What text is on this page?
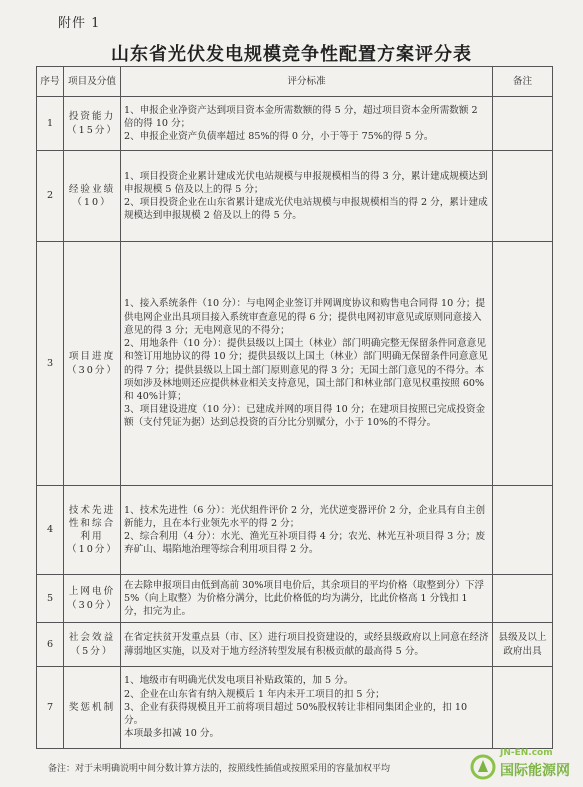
附件 1
山东省光伏发电规模竞争性配置方案评分表
序号	项目及分值	评分标准	备注
1	投资能力（15分）	1、申报企业净资产达到项目资本金所需数额的得 5 分，超过项目资本金所需数额 2 倍的得 10 分；
2、申报企业资产负债率超过 85%的得 0 分，小于等于 75%的得 5 分。	

2	经验业绩（10）	1、项目投资企业累计建成光伏电站规模与申报规模相当的得 3 分，累计建成规模达到申报规模 5 倍及以上的得 5 分；
2、项目投资企业在山东省累计建成光伏电站规模与申报规模相当的得 2 分，累计建成规模达到申报规模 2 倍及以上的得 5 分。	

3	项目进度（30分）	1、接入系统条件（10 分）：与电网企业签订并网调度协议和购售电合同得 10 分；提供电网企业出具项目接入系统审查意见的得 6 分；提供电网初审意见或原则同意接入意见的得 3 分；无电网意见的不得分；
2、用地条件（10 分）：提供县级以上国土（林业）部门明确完整无保留条件同意意见和签订用地协议的得 10 分；提供县级以上国土（林业）部门明确无保留条件同意意见的得 7 分；提供县级以上国土部门原则意见的得 3 分；无国土部门意见的不得分。本项如涉及林地则还应提供林业相关支持意见，国土部门和林业部门意见权重按照 60%和 40%计算；
3、项目建设进度（10 分）：已建成并网的项目得 10 分；在建项目按照已完成投资金额（支付凭证为据）达到总投资的百分比分别赋分，小于 10%的不得分。	

4	技术先进性和综合利用（10分）	1、技术先进性（6 分）：光伏组件评价 2 分，光伏逆变器评价 2 分，企业具有自主创新能力，且在本行业领先水平的得 2 分；
2、综合利用（4 分）：水光、渔光互补项目得 4 分；农光、林光互补项目得 3 分；废弃矿山、塌陷地治理等综合利用项目得 2 分。	

5	上网电价（30分）	在去除申报项目由低到高前 30%项目电价后，其余项目的平均价格（取整到分）下浮 5%（向上取整）为价格分满分，比此价格低的均为满分，比此价格高 1 分钱扣 1 分，扣完为止。	

6	社会效益（5分）	在省定扶贫开发重点县（市、区）进行项目投资建设的，或经县级政府以上同意在经济薄弱地区实施，以及对于地方经济转型发展有积极贡献的最高得 5 分。	县级及以上政府出具
7	奖惩机制	1、地级市有明确光伏发电项目补贴政策的，加 5 分。
2、企业在山东省有纳入规模后 1 年内未开工项目的扣 5 分；
3、企业有获得规模且开工前将项目超过 50%股权转让非相同集团企业的，扣 10 分。
本项最多扣减 10 分。	

备注：对于未明确说明中间分数计算方法的，按照线性插值或按照采用的容量加权平均
JN-EN.com
国际能源网
